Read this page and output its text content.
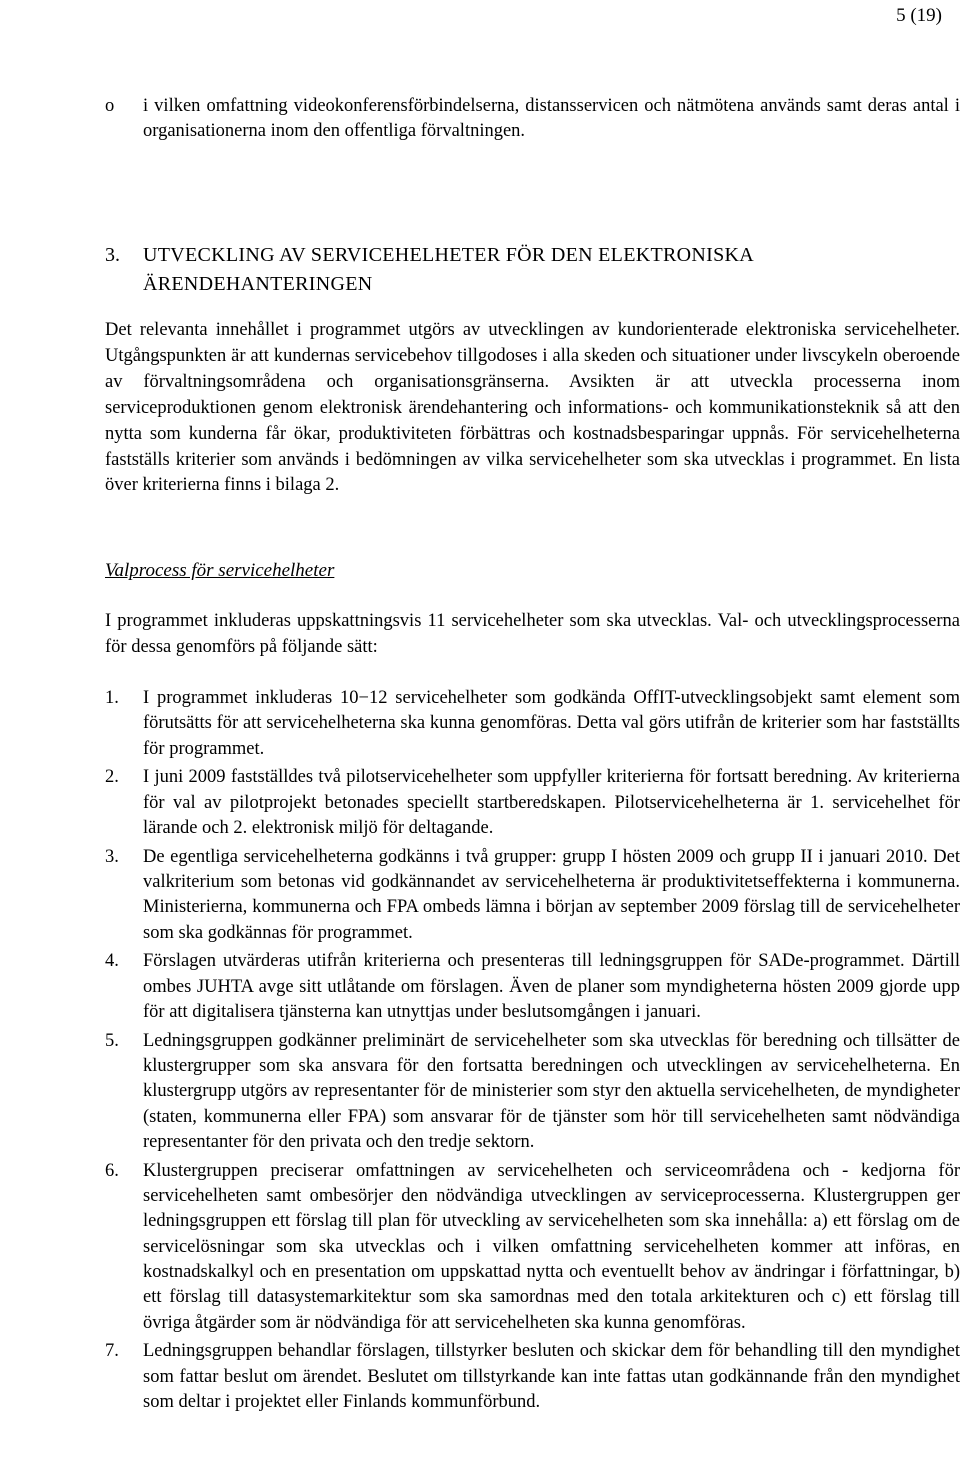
5 (19)
o i vilken omfattning videokonferensförbindelserna, distansservicen och nätmötena används samt deras antal i organisationerna inom den offentliga förvaltningen.
3. UTVECKLING AV SERVICEHELHETER FÖR DEN ELEKTRONISKA ÄRENDEHANTERINGEN
Det relevanta innehållet i programmet utgörs av utvecklingen av kundorienterade elektroniska servicehelheter. Utgångspunkten är att kundernas servicebehov tillgodoses i alla skeden och situationer under livscykeln oberoende av förvaltningsområdena och organisationsgränserna. Avsikten är att utveckla processerna inom serviceproduktionen genom elektronisk ärendehantering och informations- och kommunikationsteknik så att den nytta som kunderna får ökar, produktiviteten förbättras och kostnadsbesparingar uppnås. För servicehelheterna fastställs kriterier som används i bedömningen av vilka servicehelheter som ska utvecklas i programmet. En lista över kriterierna finns i bilaga 2.
Valprocess för servicehelheter
I programmet inkluderas uppskattningsvis 11 servicehelheter som ska utvecklas. Val- och utvecklingsprocesserna för dessa genomförs på följande sätt:
1. I programmet inkluderas 10−12 servicehelheter som godkända OffIT-utvecklingsobjekt samt element som förutsätts för att servicehelheterna ska kunna genomföras. Detta val görs utifrån de kriterier som har fastställts för programmet.
2. I juni 2009 fastställdes två pilotservicehelheter som uppfyller kriterierna för fortsatt beredning. Av kriterierna för val av pilotprojekt betonades speciellt startberedskapen. Pilotservicehelheterna är 1. servicehelhet för lärande och 2. elektronisk miljö för deltagande.
3. De egentliga servicehelheterna godkänns i två grupper: grupp I hösten 2009 och grupp II i januari 2010. Det valkriterium som betonas vid godkännandet av servicehelheterna är produktivitetseffekterna i kommunerna. Ministerierna, kommunerna och FPA ombeds lämna i början av september 2009 förslag till de servicehelheter som ska godkännas för programmet.
4. Förslagen utvärderas utifrån kriterierna och presenteras till ledningsgruppen för SADe-programmet. Därtill ombes JUHTA avge sitt utlåtande om förslagen. Även de planer som myndigheterna hösten 2009 gjorde upp för att digitalisera tjänsterna kan utnyttjas under beslutsomgången i januari.
5. Ledningsgruppen godkänner preliminärt de servicehelheter som ska utvecklas för beredning och tillsätter de klustergrupper som ska ansvara för den fortsatta beredningen och utvecklingen av servicehelheterna. En klustergrupp utgörs av representanter för de ministerier som styr den aktuella servicehelheten, de myndigheter (staten, kommunerna eller FPA) som ansvarar för de tjänster som hör till servicehelheten samt nödvändiga representanter för den privata och den tredje sektorn.
6. Klustergruppen preciserar omfattningen av servicehelheten och serviceområdena och - kedjorna för servicehelheten samt ombesörjer den nödvändiga utvecklingen av serviceprocesserna. Klustergruppen ger ledningsgruppen ett förslag till plan för utveckling av servicehelheten som ska innehålla: a) ett förslag om de servicelösningar som ska utvecklas och i vilken omfattning servicehelheten kommer att införas, en kostnadskalkyl och en presentation om uppskattad nytta och eventuellt behov av ändringar i författningar, b) ett förslag till datasystemarkitektur som ska samordnas med den totala arkitekturen och c) ett förslag till övriga åtgärder som är nödvändiga för att servicehelheten ska kunna genomföras.
7. Ledningsgruppen behandlar förslagen, tillstyrker besluten och skickar dem för behandling till den myndighet som fattar beslut om ärendet. Beslutet om tillstyrkande kan inte fattas utan godkännande från den myndighet som deltar i projektet eller Finlands kommunförbund.
